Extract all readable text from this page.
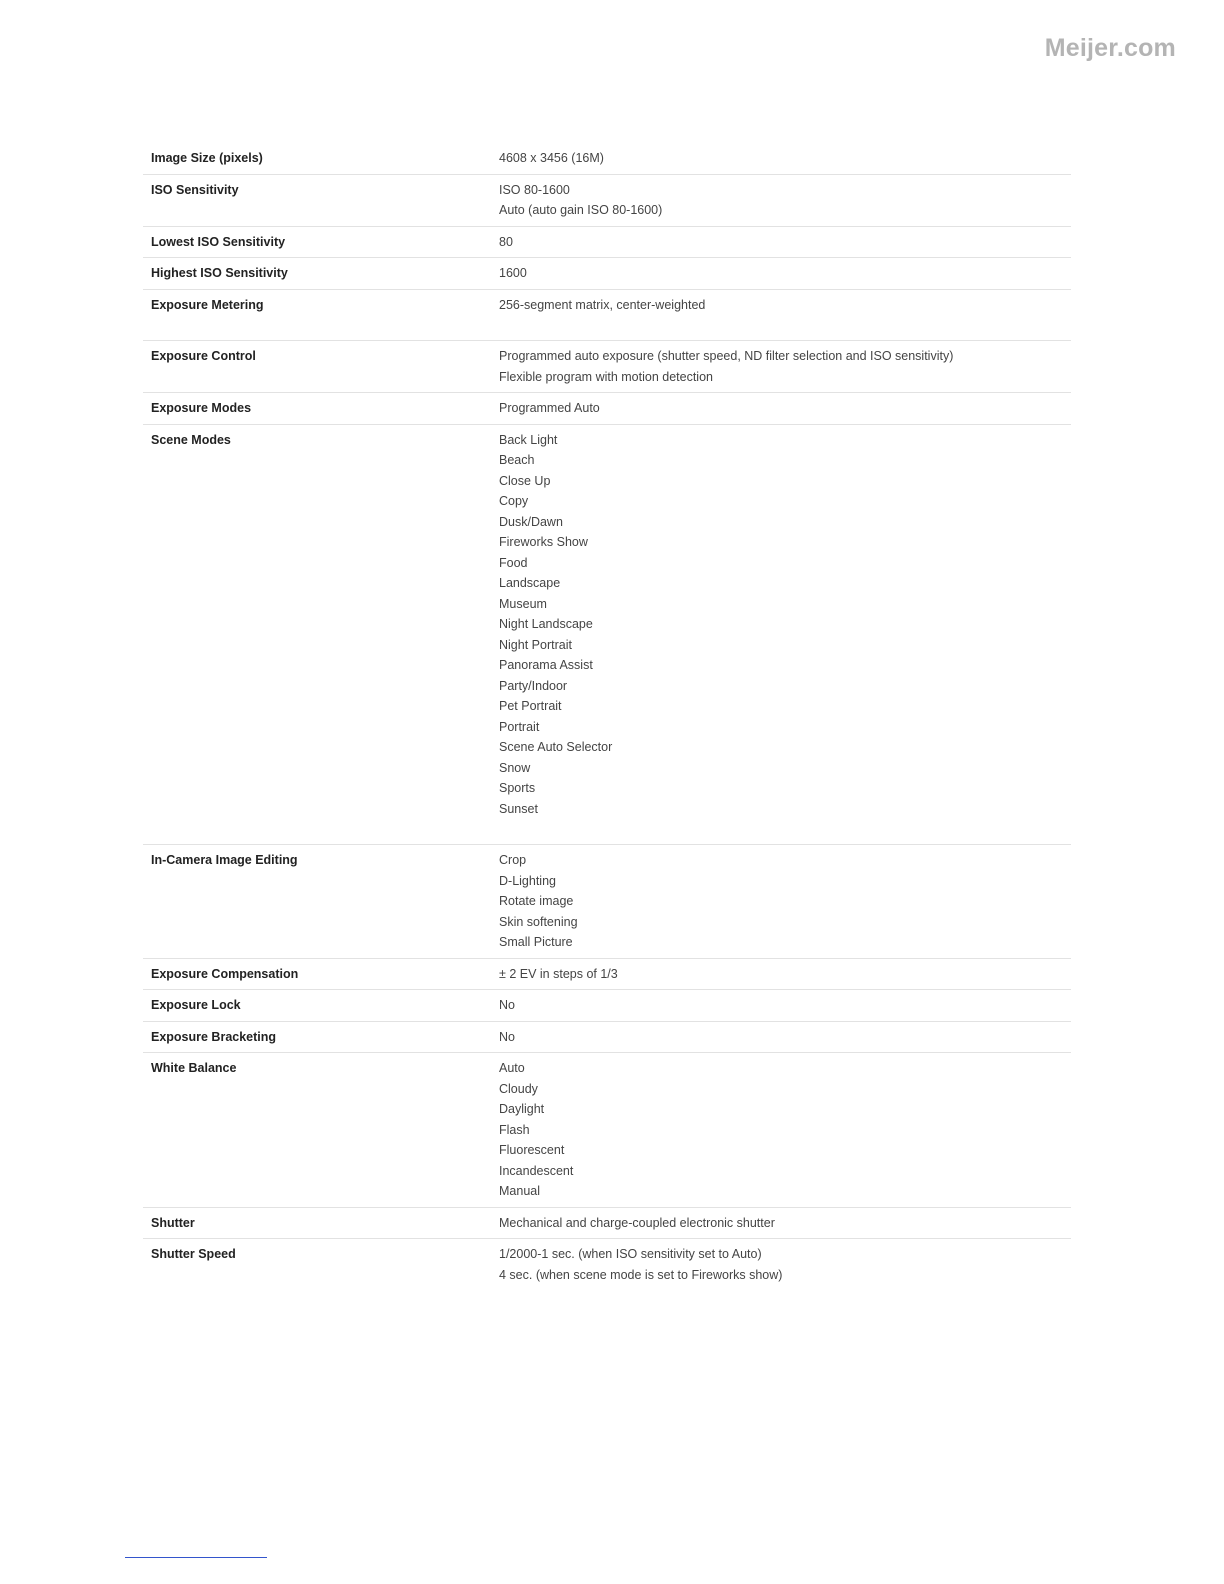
Meijer.com
Image Size (pixels)	4608 x 3456 (16M)
ISO Sensitivity	ISO 80-1600
Auto (auto gain ISO 80-1600)
Lowest ISO Sensitivity	80
Highest ISO Sensitivity	1600
Exposure Metering	256-segment matrix, center-weighted
Exposure Control	Programmed auto exposure (shutter speed, ND filter selection and ISO sensitivity)
Flexible program with motion detection
Exposure Modes	Programmed Auto
Scene Modes	Back Light
Beach
Close Up
Copy
Dusk/Dawn
Fireworks Show
Food
Landscape
Museum
Night Landscape
Night Portrait
Panorama Assist
Party/Indoor
Pet Portrait
Portrait
Scene Auto Selector
Snow
Sports
Sunset
In-Camera Image Editing	Crop
D-Lighting
Rotate image
Skin softening
Small Picture
Exposure Compensation	± 2 EV in steps of 1/3
Exposure Lock	No
Exposure Bracketing	No
White Balance	Auto
Cloudy
Daylight
Flash
Fluorescent
Incandescent
Manual
Shutter	Mechanical and charge-coupled electronic shutter
Shutter Speed	1/2000-1 sec. (when ISO sensitivity set to Auto)
4 sec. (when scene mode is set to Fireworks show)
